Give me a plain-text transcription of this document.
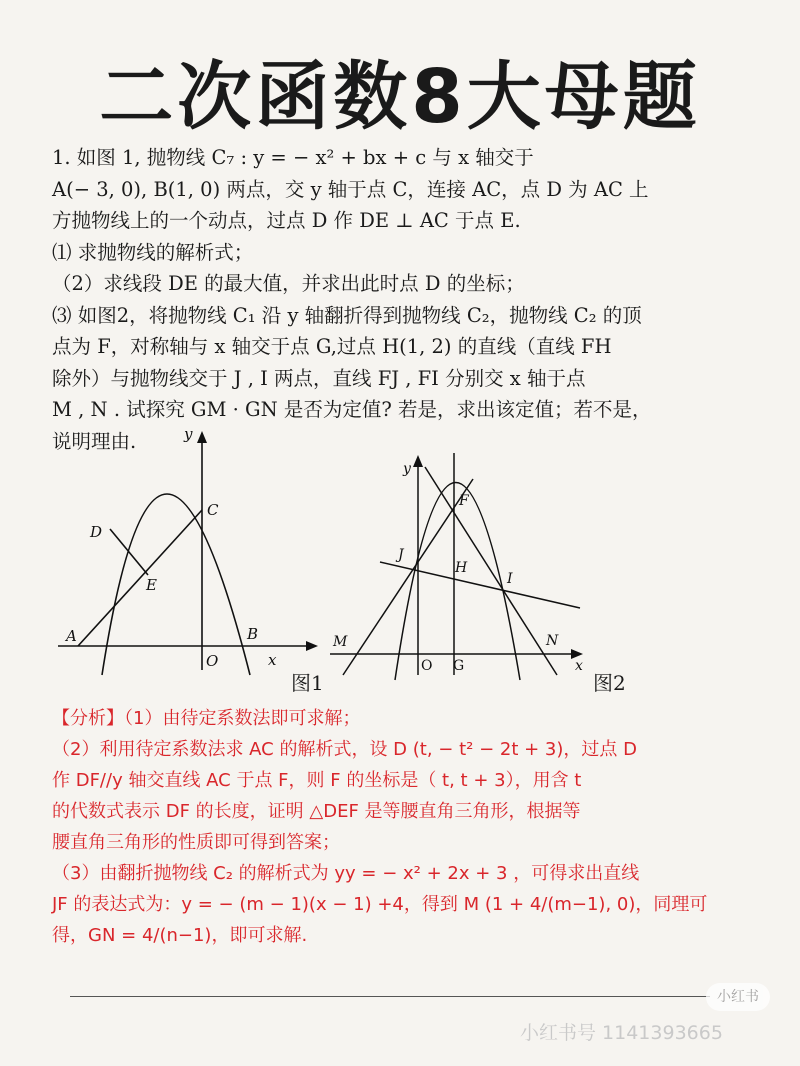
二次函数8大母题

1. 如图 1, 抛物线 C₇ : y = − x² + bx + c 与 x 轴交于

A(− 3, 0), B(1, 0) 两点，交 y 轴于点 C，连接 AC，点 D 为 AC 上

方抛物线上的一个动点，过点 D 作 DE ⊥ AC 于点 E.

⑴ 求抛物线的解析式；

（2）求线段 DE 的最大值，并求出此时点 D 的坐标；

⑶ 如图2，将抛物线 C₁ 沿 y 轴翻折得到抛物线 C₂，抛物线 C₂ 的顶

点为 F，对称轴与 x 轴交于点 G,过点 H(1, 2) 的直线（直线 FH

除外）与抛物线交于 J , I 两点，直线 FJ , FI 分别交 x 轴于点

M , N . 试探究 GM · GN 是否为定值? 若是，求出该定值；若不是，

说明理由.	y
x
O
A	B
C
D
E
图1
y
x
O G
F
J
H
I
M	N
图2

【分析】（1）由待定系数法即可求解；

（2）利用待定系数法求 AC 的解析式，设 D (t, − t² − 2t + 3)，过点 D

作 DF//y 轴交直线 AC 于点 F，则 F 的坐标是（ t, t + 3），用含 t

的代数式表示 DF 的长度，证明 △DEF 是等腰直角三角形，根据等

腰直角三角形的性质即可得到答案；

（3）由翻折抛物线 C₂ 的解析式为 yy = − x² + 2x + 3 ，可得求出直线

JF 的表达式为：y = − (m − 1)(x − 1) +4，得到 M (1 + 4/(m−1), 0)，同理可

得，GN = 4/(n−1)，即可求解.

小红书
小红书号 1141393665
